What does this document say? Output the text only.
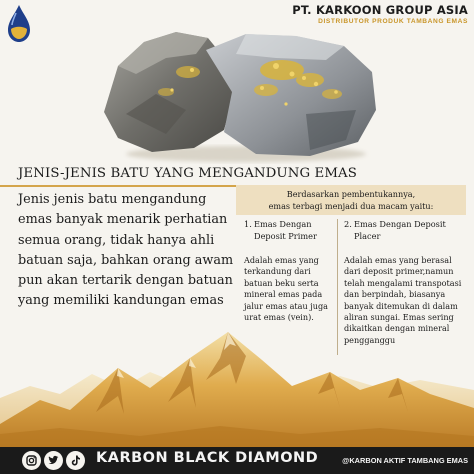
PT. KARKOON GROUP ASIA
DISTRIBUTOR PRODUK TAMBANG EMAS
JENIS-JENIS BATU YANG MENGANDUNG EMAS
Jenis jenis batu mengandung
emas banyak menarik perhatian
semua orang, tidak hanya ahli
batuan saja, bahkan orang awam
pun akan tertarik dengan batuan
yang memiliki kandungan emas
Berdasarkan pembentukannya,
emas terbagi menjadi dua macam yaitu:
1. Emas Dengan
Deposit Primer
2. Emas Dengan Deposit
Placer
Adalah emas yang
terkandung dari
batuan beku serta
mineral emas pada
jalur emas atau juga
urat emas (vein).
Adalah emas yang berasal
dari deposit primer,namun
telah mengalami transpotasi
dan berpindah, biasanya
banyak ditemukan di dalam
aliran sungai. Emas sering
dikaitkan dengan mineral
pengganggu
KARBON BLACK DIAMOND	@KARBON AKTIF TAMBANG EMAS
